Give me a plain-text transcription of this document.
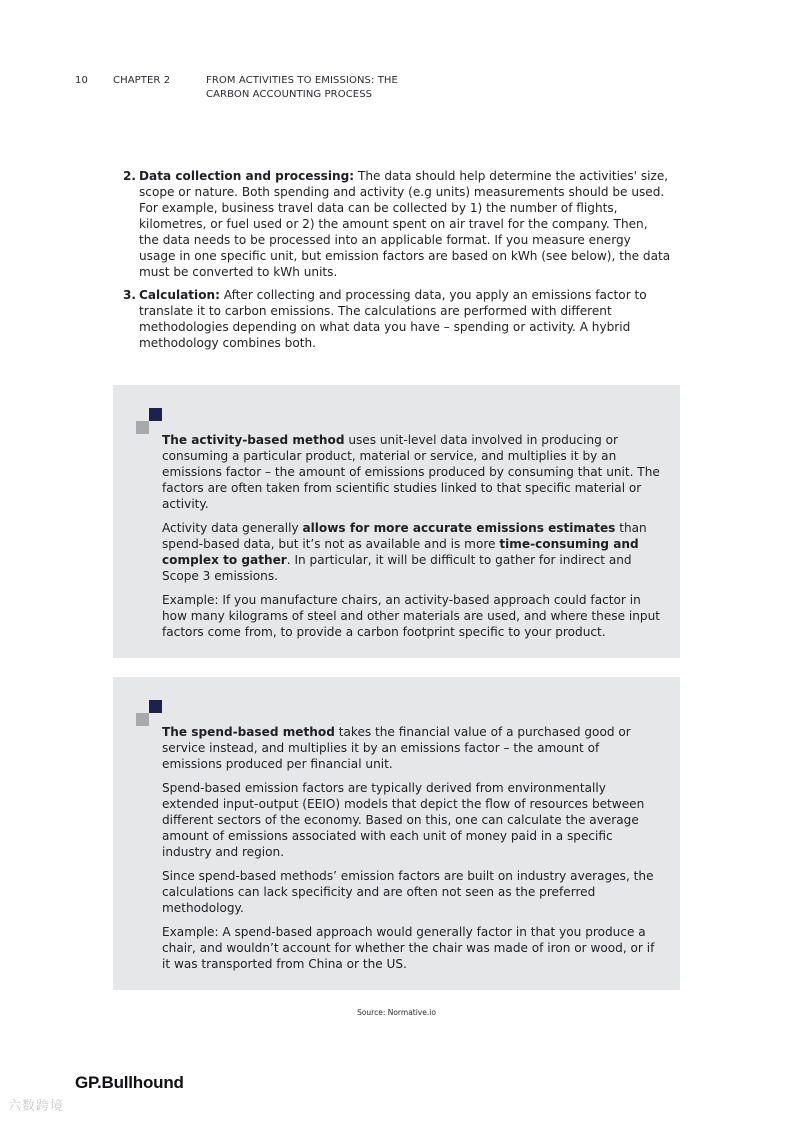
10	CHAPTER 2	FROM ACTIVITIES TO EMISSIONS: THE CARBON ACCOUNTING PROCESS
2. Data collection and processing: The data should help determine the activities' size, scope or nature. Both spending and activity (e.g units) measurements should be used. For example, business travel data can be collected by 1) the number of flights, kilometres, or fuel used or 2) the amount spent on air travel for the company. Then, the data needs to be processed into an applicable format. If you measure energy usage in one specific unit, but emission factors are based on kWh (see below), the data must be converted to kWh units.
3. Calculation: After collecting and processing data, you apply an emissions factor to translate it to carbon emissions. The calculations are performed with different methodologies depending on what data you have – spending or activity. A hybrid methodology combines both.

The activity-based method uses unit-level data involved in producing or consuming a particular product, material or service, and multiplies it by an emissions factor – the amount of emissions produced by consuming that unit. The factors are often taken from scientific studies linked to that specific material or activity.

Activity data generally allows for more accurate emissions estimates than spend-based data, but it’s not as available and is more time-consuming and complex to gather. In particular, it will be difficult to gather for indirect and Scope 3 emissions.

Example: If you manufacture chairs, an activity-based approach could factor in how many kilograms of steel and other materials are used, and where these input factors come from, to provide a carbon footprint specific to your product.

The spend-based method takes the financial value of a purchased good or service instead, and multiplies it by an emissions factor – the amount of emissions produced per financial unit.

Spend-based emission factors are typically derived from environmentally extended input-output (EEIO) models that depict the flow of resources between different sectors of the economy. Based on this, one can calculate the average amount of emissions associated with each unit of money paid in a specific industry and region.

Since spend-based methods’ emission factors are built on industry averages, the calculations can lack specificity and are often not seen as the preferred methodology.

Example: A spend-based approach would generally factor in that you produce a chair, and wouldn’t account for whether the chair was made of iron or wood, or if it was transported from China or the US.

Source: Normative.io
GP.Bullhound
六数跨境
